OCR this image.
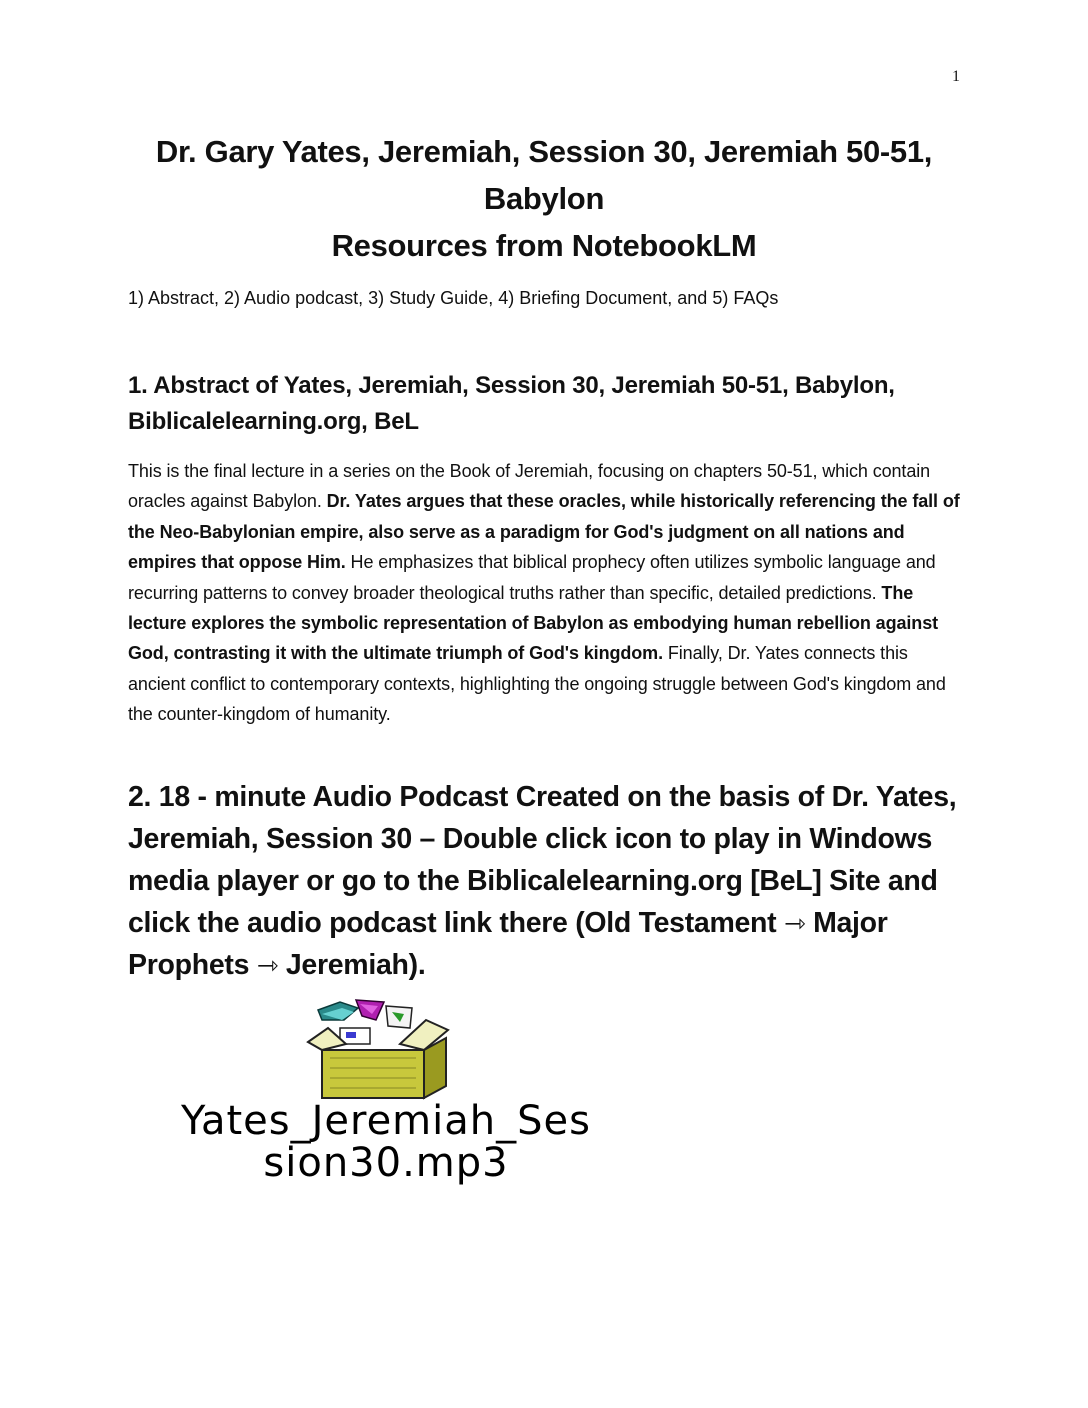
1
Dr. Gary Yates, Jeremiah, Session 30, Jeremiah 50-51,
Babylon
Resources from NotebookLM
1) Abstract, 2) Audio podcast, 3) Study Guide, 4) Briefing Document, and 5) FAQs
1. Abstract of Yates, Jeremiah, Session 30, Jeremiah 50-51, Babylon, Biblicalelearning.org, BeL
This is the final lecture in a series on the Book of Jeremiah, focusing on chapters 50-51, which contain oracles against Babylon. Dr. Yates argues that these oracles, while historically referencing the fall of the Neo-Babylonian empire, also serve as a paradigm for God's judgment on all nations and empires that oppose Him. He emphasizes that biblical prophecy often utilizes symbolic language and recurring patterns to convey broader theological truths rather than specific, detailed predictions. The lecture explores the symbolic representation of Babylon as embodying human rebellion against God, contrasting it with the ultimate triumph of God's kingdom. Finally, Dr. Yates connects this ancient conflict to contemporary contexts, highlighting the ongoing struggle between God's kingdom and the counter-kingdom of humanity.
2. 18 - minute Audio Podcast Created on the basis of Dr. Yates, Jeremiah, Session 30 – Double click icon to play in Windows media player or go to the Biblicalelearning.org [BeL] Site and click the audio podcast link there (Old Testament ⇾ Major Prophets ⇾ Jeremiah).
Yates_Jeremiah_Ses
sion30.mp3
